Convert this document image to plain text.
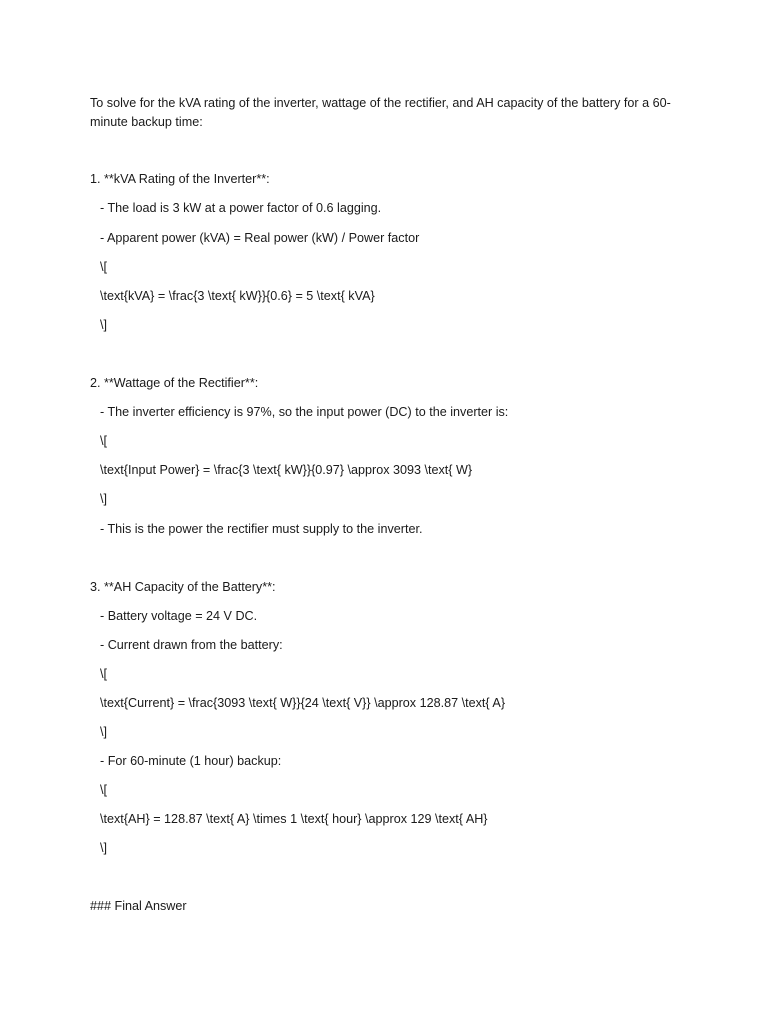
To solve for the kVA rating of the inverter, wattage of the rectifier, and AH capacity of the battery for a 60-minute backup time:
1. **kVA Rating of the Inverter**:
- The load is 3 kW at a power factor of 0.6 lagging.
- Apparent power (kVA) = Real power (kW) / Power factor
\[
\text{kVA} = \frac{3 \text{ kW}}{0.6} = 5 \text{ kVA}
\]
2. **Wattage of the Rectifier**:
- The inverter efficiency is 97%, so the input power (DC) to the inverter is:
\[
\text{Input Power} = \frac{3 \text{ kW}}{0.97} \approx 3093 \text{ W}
\]
- This is the power the rectifier must supply to the inverter.
3. **AH Capacity of the Battery**:
- Battery voltage = 24 V DC.
- Current drawn from the battery:
\[
\text{Current} = \frac{3093 \text{ W}}{24 \text{ V}} \approx 128.87 \text{ A}
\]
- For 60-minute (1 hour) backup:
\[
\text{AH} = 128.87 \text{ A} \times 1 \text{ hour} \approx 129 \text{ AH}
\]
### Final Answer
